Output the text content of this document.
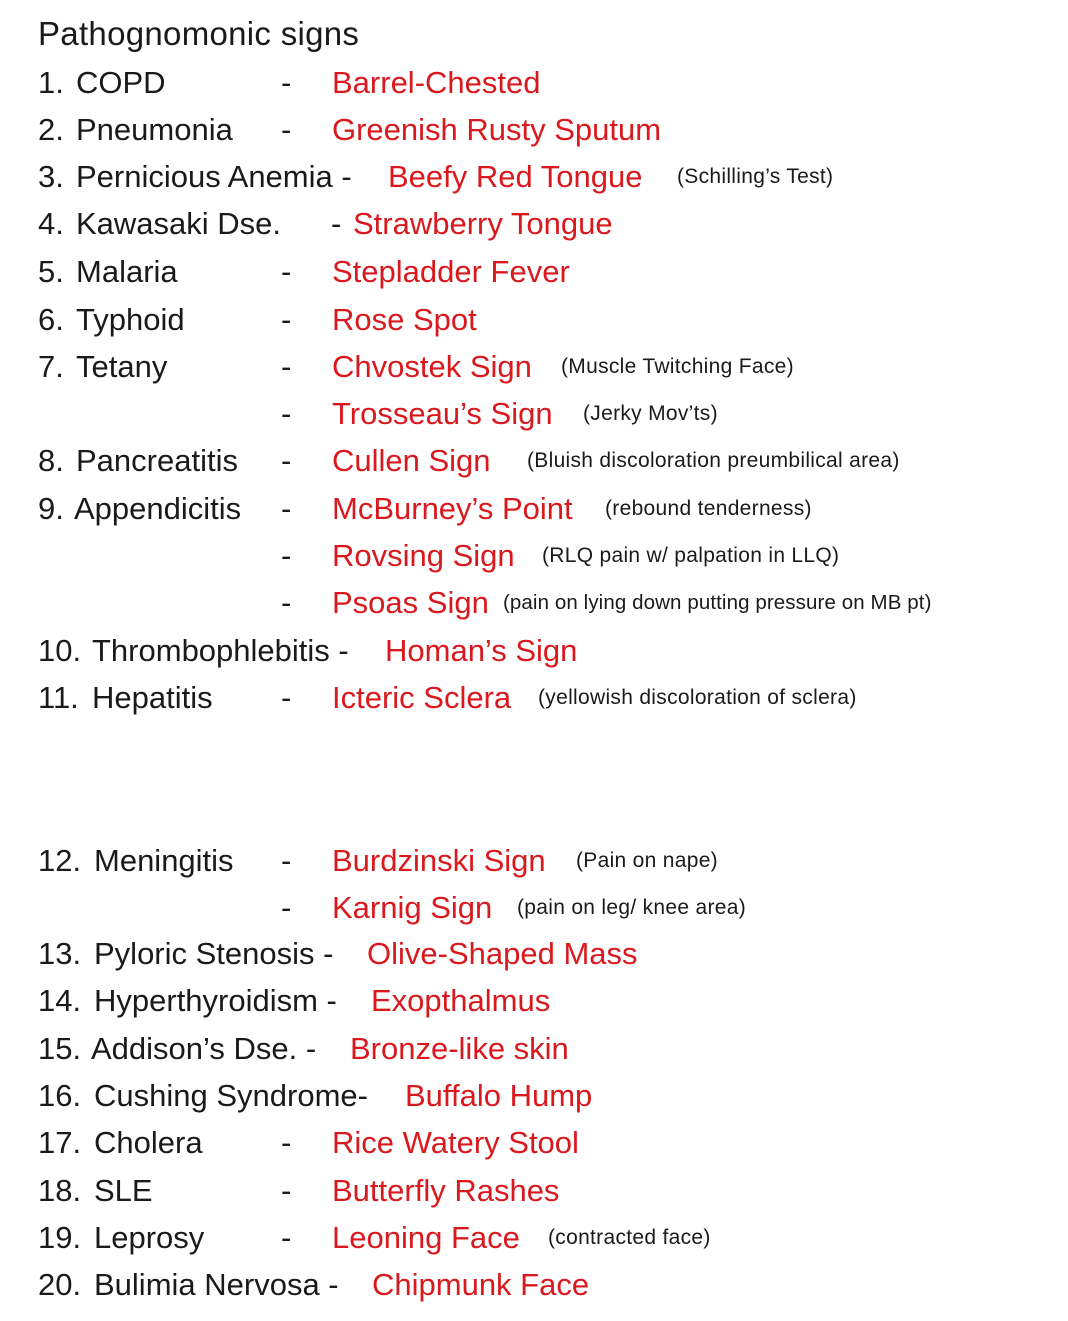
Pathognomonic signs
1. COPD	- Barrel-Chested
2. Pneumonia - Greenish Rusty Sputum
3. Pernicious Anemia - Beefy Red Tongue (Schilling’s Test)
4. Kawasaki Dse. - Strawberry Tongue
5. Malaria	- Stepladder Fever
6. Typhoid	- Rose Spot
7. Tetany	- Chvostek Sign (Muscle Twitching Face)
- Trosseau’s Sign (Jerky Mov’ts)
8. Pancreatitis - Cullen Sign (Bluish discoloration preumbilical area)
9. Appendicitis - McBurney’s Point (rebound tenderness)
- Rovsing Sign (RLQ pain w/ palpation in LLQ)
- Psoas Sign (pain on lying down putting pressure on MB pt)
10. Thrombophlebitis - Homan’s Sign
11. Hepatitis - Icteric Sclera (yellowish discoloration of sclera)
12. Meningitis - Burdzinski Sign (Pain on nape)
- Karnig Sign (pain on leg/ knee area)
13. Pyloric Stenosis - Olive-Shaped Mass
14. Hyperthyroidism - Exopthalmus
15. Addison’s Dse. - Bronze-like skin
16. Cushing Syndrome- Buffalo Hump
17. Cholera	- Rice Watery Stool
18. SLE	- Butterfly Rashes
19. Leprosy - Leoning Face (contracted face)
20. Bulimia Nervosa - Chipmunk Face
